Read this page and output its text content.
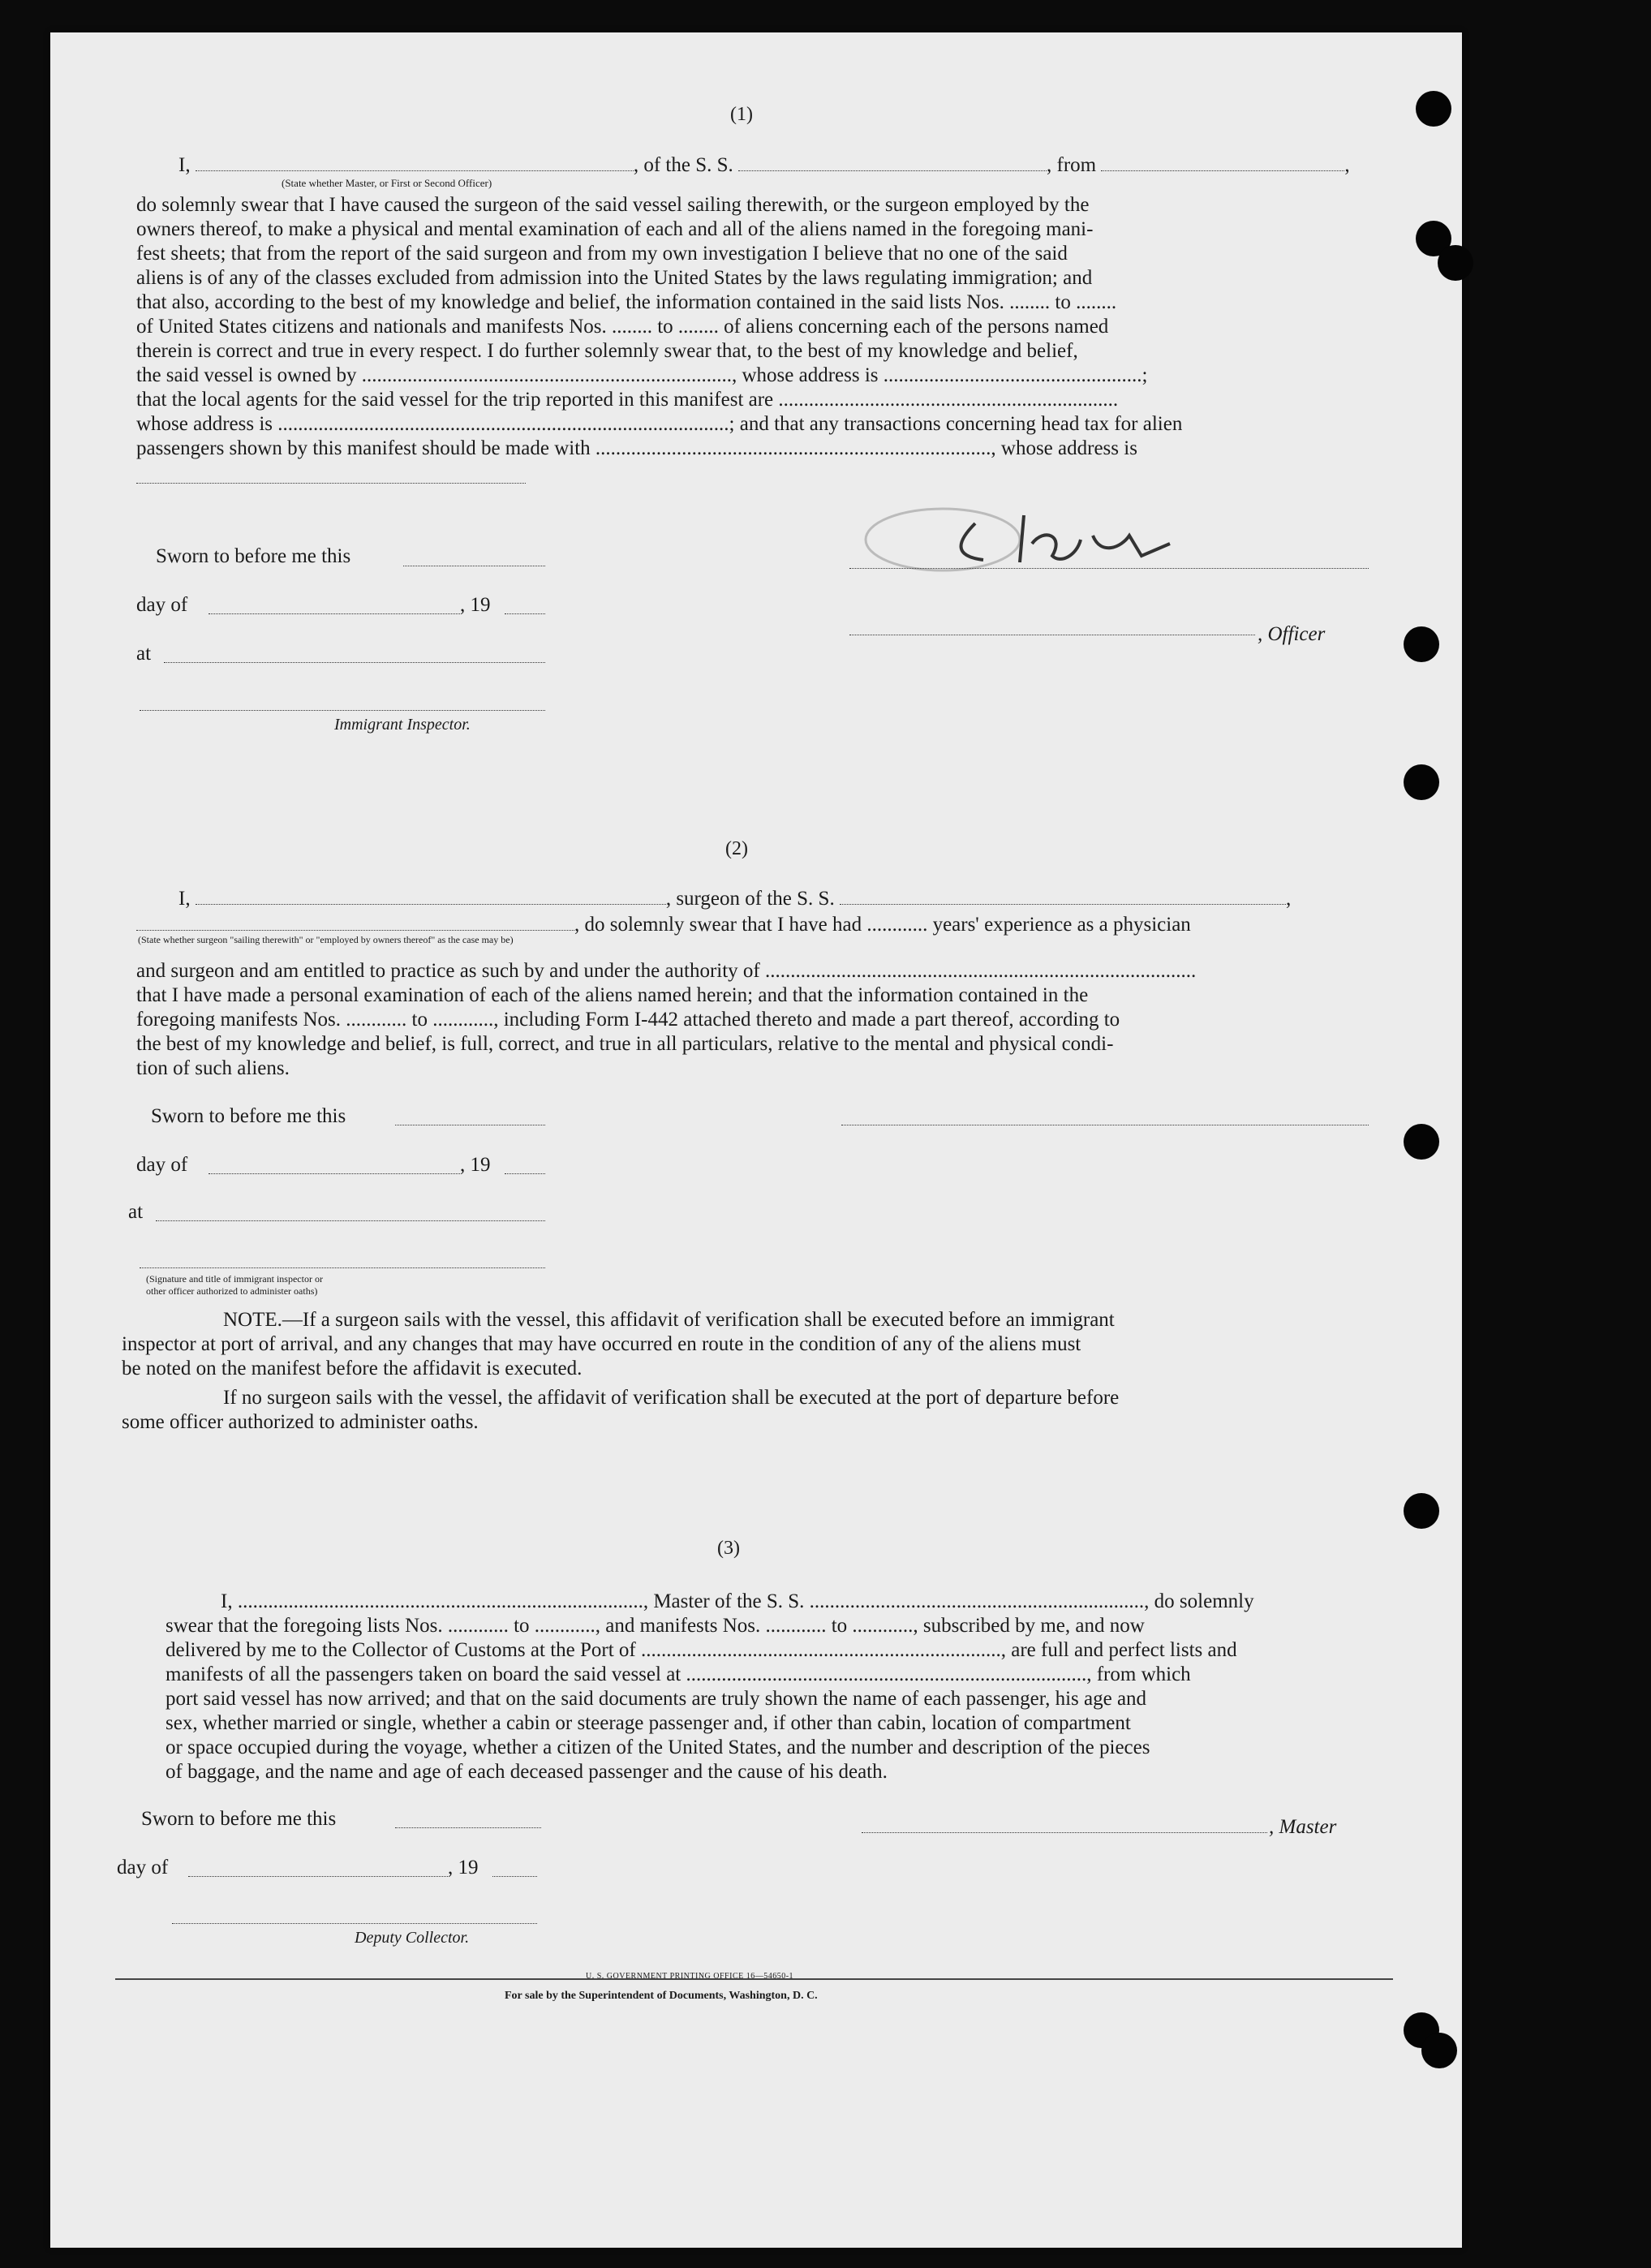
(1)
I,	, of the S. S.	, from	,
(State whether Master, or First or Second Officer)
do solemnly swear that I have caused the surgeon of the said vessel sailing therewith, or the surgeon employed by the
owners thereof, to make a physical and mental examination of each and all of the aliens named in the foregoing mani-
fest sheets; that from the report of the said surgeon and from my own investigation I believe that no one of the said
aliens is of any of the classes excluded from admission into the United States by the laws regulating immigration; and
that also, according to the best of my knowledge and belief, the information contained in the said lists Nos. ........ to ........
of United States citizens and nationals and manifests Nos. ........ to ........ of aliens concerning each of the persons named
therein is correct and true in every respect. I do further solemnly swear that, to the best of my knowledge and belief,
the said vessel is owned by ........................................................................., whose address is ...................................................;
that the local agents for the said vessel for the trip reported in this manifest are ...................................................................
whose address is .........................................................................................; and that any transactions concerning head tax for alien
passengers shown by this manifest should be made with .............................................................................., whose address is
Sworn to before me this
day of	, 19
at
Immigrant Inspector.
, Officer
(2)
I,	, surgeon of the S. S.	,
, do solemnly swear that I have had ............ years' experience as a physician
(State whether surgeon "sailing therewith" or "employed by owners thereof" as the case may be)
and surgeon and am entitled to practice as such by and under the authority of .....................................................................................
that I have made a personal examination of each of the aliens named herein; and that the information contained in the
foregoing manifests Nos. ............ to ............, including Form I-442 attached thereto and made a part thereof, according to
the best of my knowledge and belief, is full, correct, and true in all particulars, relative to the mental and physical condi-
tion of such aliens.
Sworn to before me this
day of	, 19
at
(Signature and title of immigrant inspector or
other officer authorized to administer oaths)
NOTE.—If a surgeon sails with the vessel, this affidavit of verification shall be executed before an immigrant
inspector at port of arrival, and any changes that may have occurred en route in the condition of any of the aliens must
be noted on the manifest before the affidavit is executed.
If no surgeon sails with the vessel, the affidavit of verification shall be executed at the port of departure before
some officer authorized to administer oaths.
(3)
I, ................................................................................, Master of the S. S. .................................................................., do solemnly
swear that the foregoing lists Nos. ............ to ............, and manifests Nos. ............ to ............, subscribed by me, and now
delivered by me to the Collector of Customs at the Port of ......................................................................., are full and perfect lists and
manifests of all the passengers taken on board the said vessel at ..............................................................................., from which
port said vessel has now arrived; and that on the said documents are truly shown the name of each passenger, his age and
sex, whether married or single, whether a cabin or steerage passenger and, if other than cabin, location of compartment
or space occupied during the voyage, whether a citizen of the United States, and the number and description of the pieces
of baggage, and the name and age of each deceased passenger and the cause of his death.
Sworn to before me this
day of	, 19
Deputy Collector.
, Master
U. S. GOVERNMENT PRINTING OFFICE 16—54650-1
For sale by the Superintendent of Documents, Washington, D. C.
